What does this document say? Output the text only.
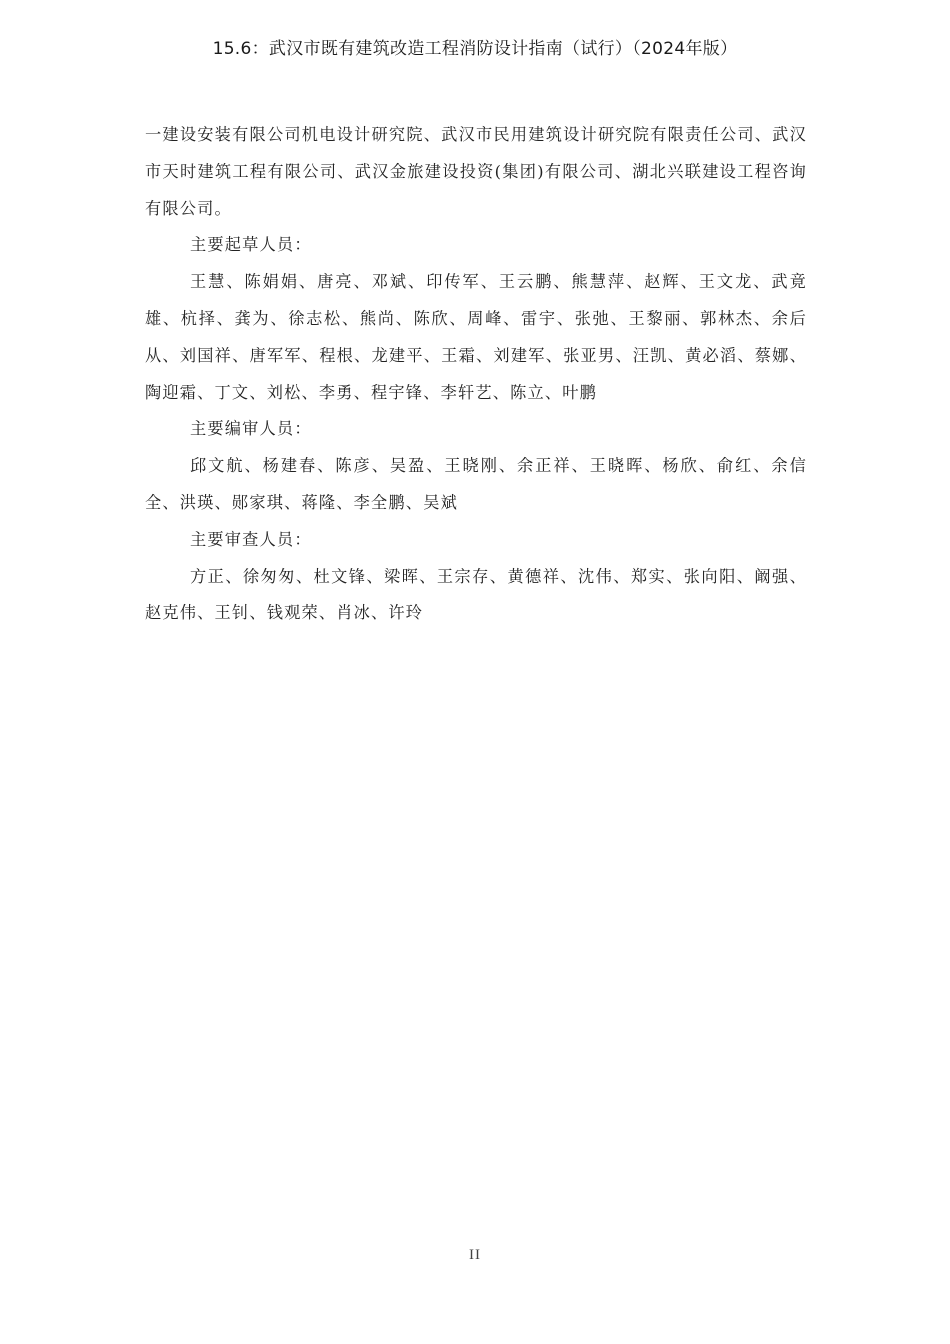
15.6：武汉市既有建筑改造工程消防设计指南（试行）（2024年版）

一建设安装有限公司机电设计研究院、武汉市民用建筑设计研究院有限责任公司、武汉市天时建筑工程有限公司、武汉金旅建设投资(集团)有限公司、湖北兴联建设工程咨询有限公司。

主要起草人员：

王慧、陈娟娟、唐亮、邓斌、印传军、王云鹏、熊慧萍、赵辉、王文龙、武竟雄、杭择、龚为、徐志松、熊尚、陈欣、周峰、雷宇、张弛、王黎丽、郭林杰、余后从、刘国祥、唐军军、程根、龙建平、王霜、刘建军、张亚男、汪凯、黄必滔、蔡娜、陶迎霜、丁文、刘松、李勇、程宇锋、李轩艺、陈立、叶鹏

主要编审人员：

邱文航、杨建春、陈彦、吴盈、王晓刚、余正祥、王晓晖、杨欣、俞红、余信全、洪瑛、郧家琪、蒋隆、李全鹏、吴斌

主要审查人员：

方正、徐匆匆、杜文锋、梁晖、王宗存、黄德祥、沈伟、郑实、张向阳、阚强、赵克伟、王钊、钱观荣、肖冰、许玲

II
